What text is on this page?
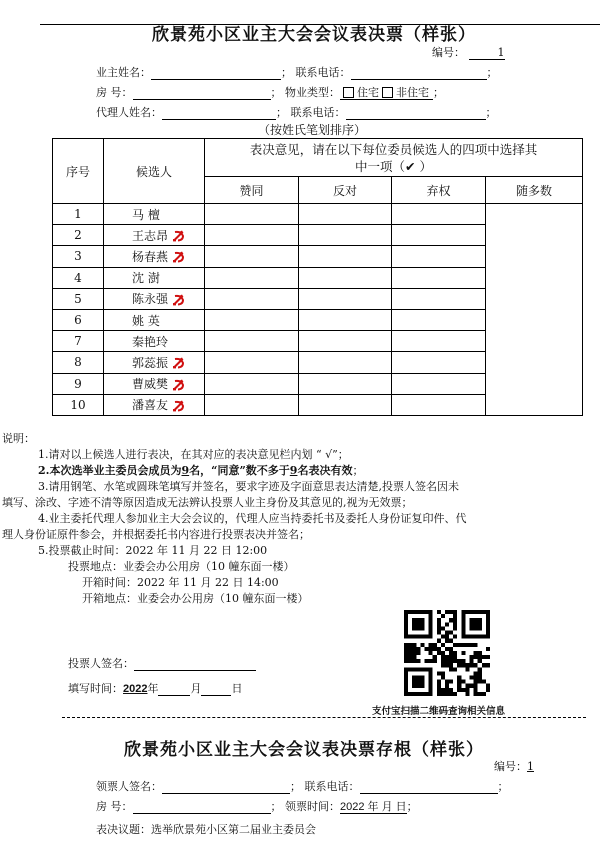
欣景苑小区业主大会会议表决票（样张）
编号：	1
业主姓名：	； 联系电话：	；
房 号：	； 物业类型： 住宅 非住宅 ；
代理人姓名：	； 联系电话：	；
（按姓氏笔划排序）
序号	候选人	表决意见，请在以下每位委员候选人的四项中选择其
中一项（✔ ）			

		赞同	反对	弃权	随多数
1	马 檀				
2	王志昂				
3	杨春燕				
4	沈 澍				
5	陈永强				
6	姚 英				
7	秦艳玲				
8	郭蕊振				
9	曹威樊				
10	潘喜友				
说明：
1.请对以上候选人进行表决，在其对应的表决意见栏内划 “ √”；
2.本次选举业主委员会成员为9名，“同意”数不多于9名表决有效；
3.请用钢笔、水笔或圆珠笔填写并签名，要求字迹及字面意思表达清楚,投票人签名因未
填写、涂改、字迹不清等原因造成无法辨认投票人业主身份及其意见的,视为无效票；
4.业主委托代理人参加业主大会会议的，代理人应当持委托书及委托人身份证复印件、代
理人身份证原件参会，并根据委托书内容进行投票表决并签名；
5.投票截止时间：2022 年 11 月 22 日 12:00
投票地点：业委会办公用房（10 幢东面一楼）
开箱时间：2022 年 11 月 22 日 14:00
开箱地点：业委会办公用房（10 幢东面一楼）
投票人签名：
填写时间：2022年	月	日
支付宝扫描二维码查询相关信息
欣景苑小区业主大会会议表决票存根（样张）
编号：1
领票人签名：	； 联系电话：	；
房 号：	； 领票时间：2022 年 月 日；
表决议题：选举欣景苑小区第二届业主委员会
